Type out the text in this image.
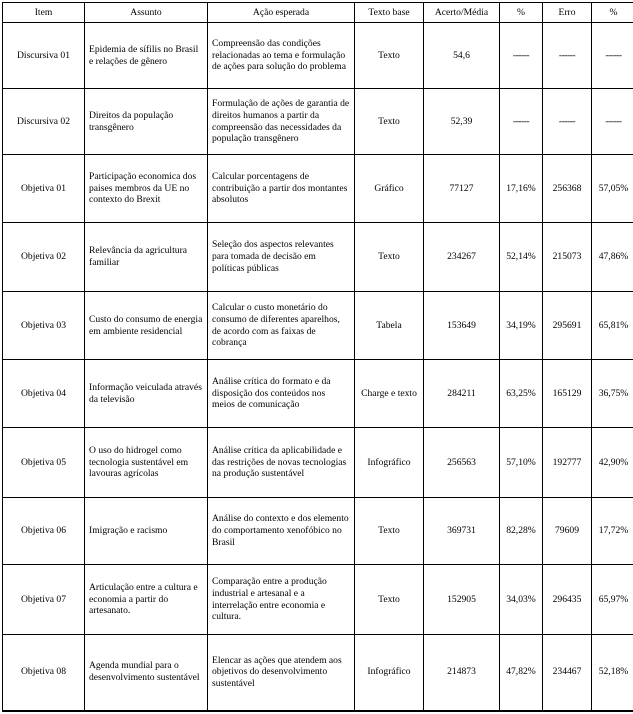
Item	Assunto	Ação esperada	Texto base	Acerto/Média	%	Erro	%
Discursiva 01	Epidemia de sífilis no Brasil e relações de gênero	Compreensão das condições relacionadas ao tema e formulação de ações para solução do problema	Texto	54,6	------	------	------
Discursiva 02	Direitos da população transgênero	Formulação de ações de garantia de direitos humanos a partir da compreensão das necessidades da população transgênero	Texto	52,39	------	------	------
Objetiva 01	Participação economica dos paises membros da UE no contexto do Brexit	Calcular porcentagens de contribuição a partir dos montantes absolutos	Gráfico	77127	17,16%	256368	57,05%
Objetiva 02	Relevância da agricultura familiar	Seleção dos aspectos relevantes para tomada de decisão em políticas públicas	Texto	234267	52,14%	215073	47,86%
Objetiva 03	Custo do consumo de energia em ambiente residencial	Calcular o custo monetário do consumo de diferentes aparelhos, de acordo com as faixas de cobrança	Tabela	153649	34,19%	295691	65,81%
Objetiva 04	Informação veiculada através da televisão	Análise crítica do formato e da disposição dos conteúdos nos meios de comunicação	Charge e texto	284211	63,25%	165129	36,75%
Objetiva 05	O uso do hidrogel como tecnologia sustentável em lavouras agrícolas	Análise crítica da aplicabilidade e das restrições de novas tecnologias na produção sustentável	Infográfico	256563	57,10%	192777	42,90%
Objetiva 06	Imigração e racismo	Análise do contexto e dos elemento do comportamento xenofóbico no Brasil	Texto	369731	82,28%	79609	17,72%
Objetiva 07	Articulação entre a cultura e economia a partir do artesanato.	Comparação entre a produção industrial e artesanal e a interrelação entre economia e cultura.	Texto	152905	34,03%	296435	65,97%
Objetiva 08	Agenda mundial para o desenvolvimento sustentável	Elencar as ações que atendem aos objetivos do desenvolvimento sustentável	Infográfico	214873	47,82%	234467	52,18%
